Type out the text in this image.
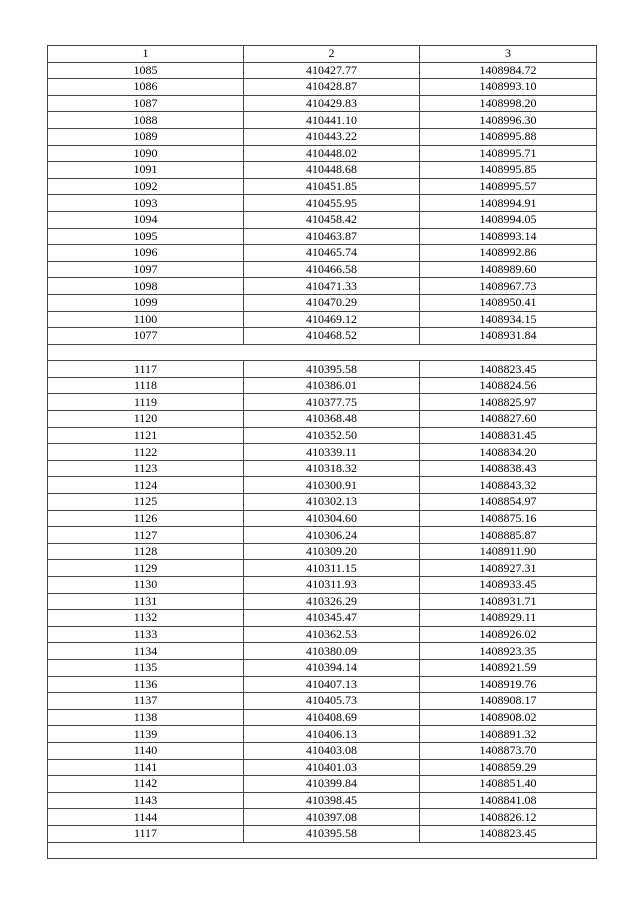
1	2	3
1085	410427.77	1408984.72
1086	410428.87	1408993.10
1087	410429.83	1408998.20
1088	410441.10	1408996.30
1089	410443.22	1408995.88
1090	410448.02	1408995.71
1091	410448.68	1408995.85
1092	410451.85	1408995.57
1093	410455.95	1408994.91
1094	410458.42	1408994.05
1095	410463.87	1408993.14
1096	410465.74	1408992.86
1097	410466.58	1408989.60
1098	410471.33	1408967.73
1099	410470.29	1408950.41
1100	410469.12	1408934.15
1077	410468.52	1408931.84

1117	410395.58	1408823.45
1118	410386.01	1408824.56
1119	410377.75	1408825.97
1120	410368.48	1408827.60
1121	410352.50	1408831.45
1122	410339.11	1408834.20
1123	410318.32	1408838.43
1124	410300.91	1408843.32
1125	410302.13	1408854.97
1126	410304.60	1408875.16
1127	410306.24	1408885.87
1128	410309.20	1408911.90
1129	410311.15	1408927.31
1130	410311.93	1408933.45
1131	410326.29	1408931.71
1132	410345.47	1408929.11
1133	410362.53	1408926.02
1134	410380.09	1408923.35
1135	410394.14	1408921.59
1136	410407.13	1408919.76
1137	410405.73	1408908.17
1138	410408.69	1408908.02
1139	410406.13	1408891.32
1140	410403.08	1408873.70
1141	410401.03	1408859.29
1142	410399.84	1408851.40
1143	410398.45	1408841.08
1144	410397.08	1408826.12
1117	410395.58	1408823.45
